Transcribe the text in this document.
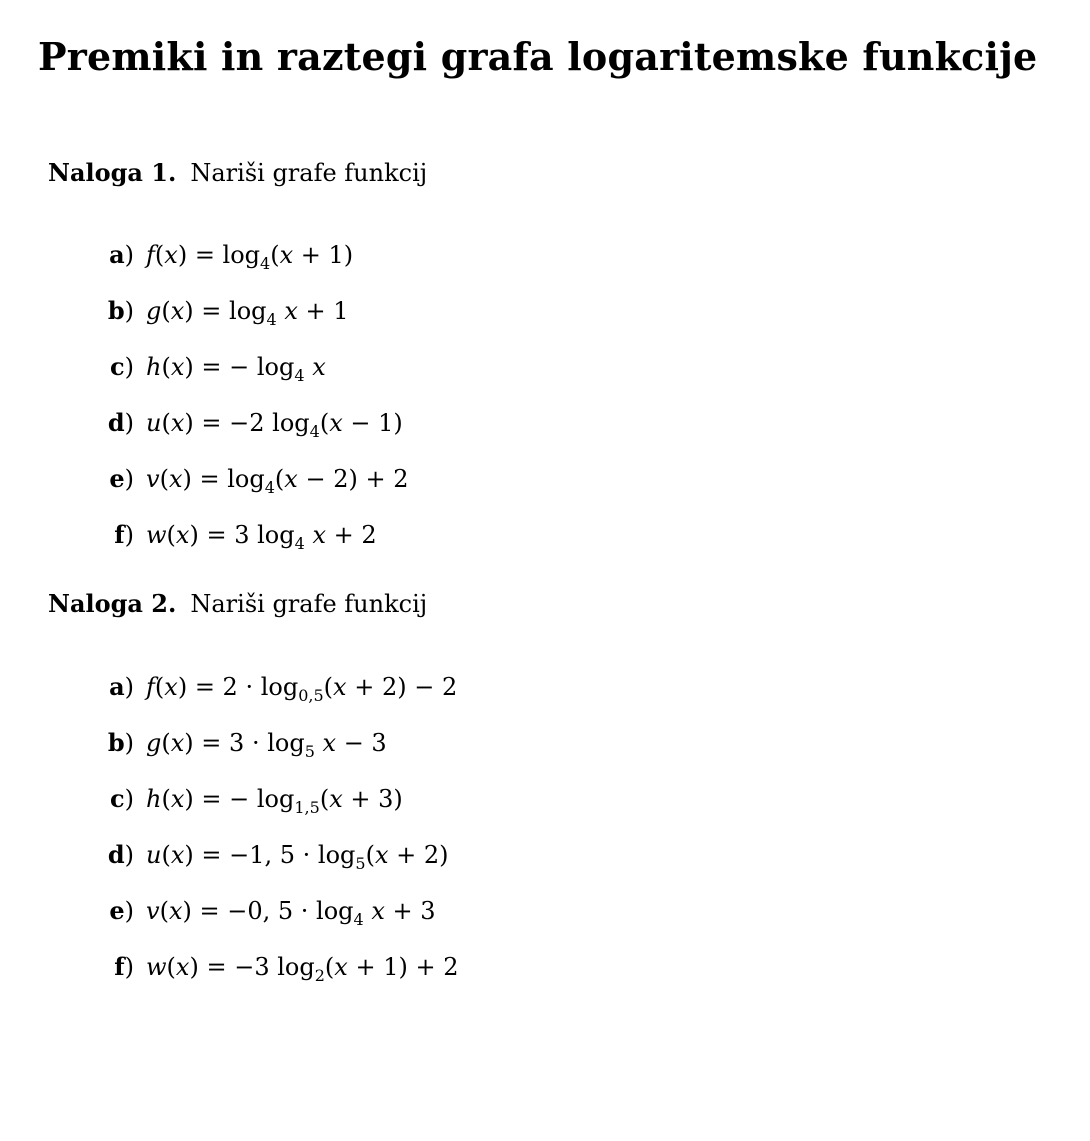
Premiki in raztegi grafa logaritemske funkcije
Naloga 1. Nariši grafe funkcij
a) $f(x) = \log_4(x + 1)$
b) $g(x) = \log_4 x + 1$
c) h(x) = − $\log_4 x$
d) u(x) = −2 $\log_4(x - 1)$
e) $v(x) = \log_4(x - 2) + 2$
f) w(x) = 3 $\log_4 x + 2$
Naloga 2. Nariši grafe funkcij
a) $f(x) = 2 \cdot \log_{0,5}(x + 2) - 2$
b) $g(x) = 3 \cdot \log_5 x - 3$
c) h(x) = − $\log_{1,5}(x + 3)$
d) u(x) = −1, $5 \cdot \log_5(x + 2)$
e) v(x) = −0, $5 \cdot \log_4 x + 3$
f) w(x) = −3 $\log_2(x + 1) + 2$
